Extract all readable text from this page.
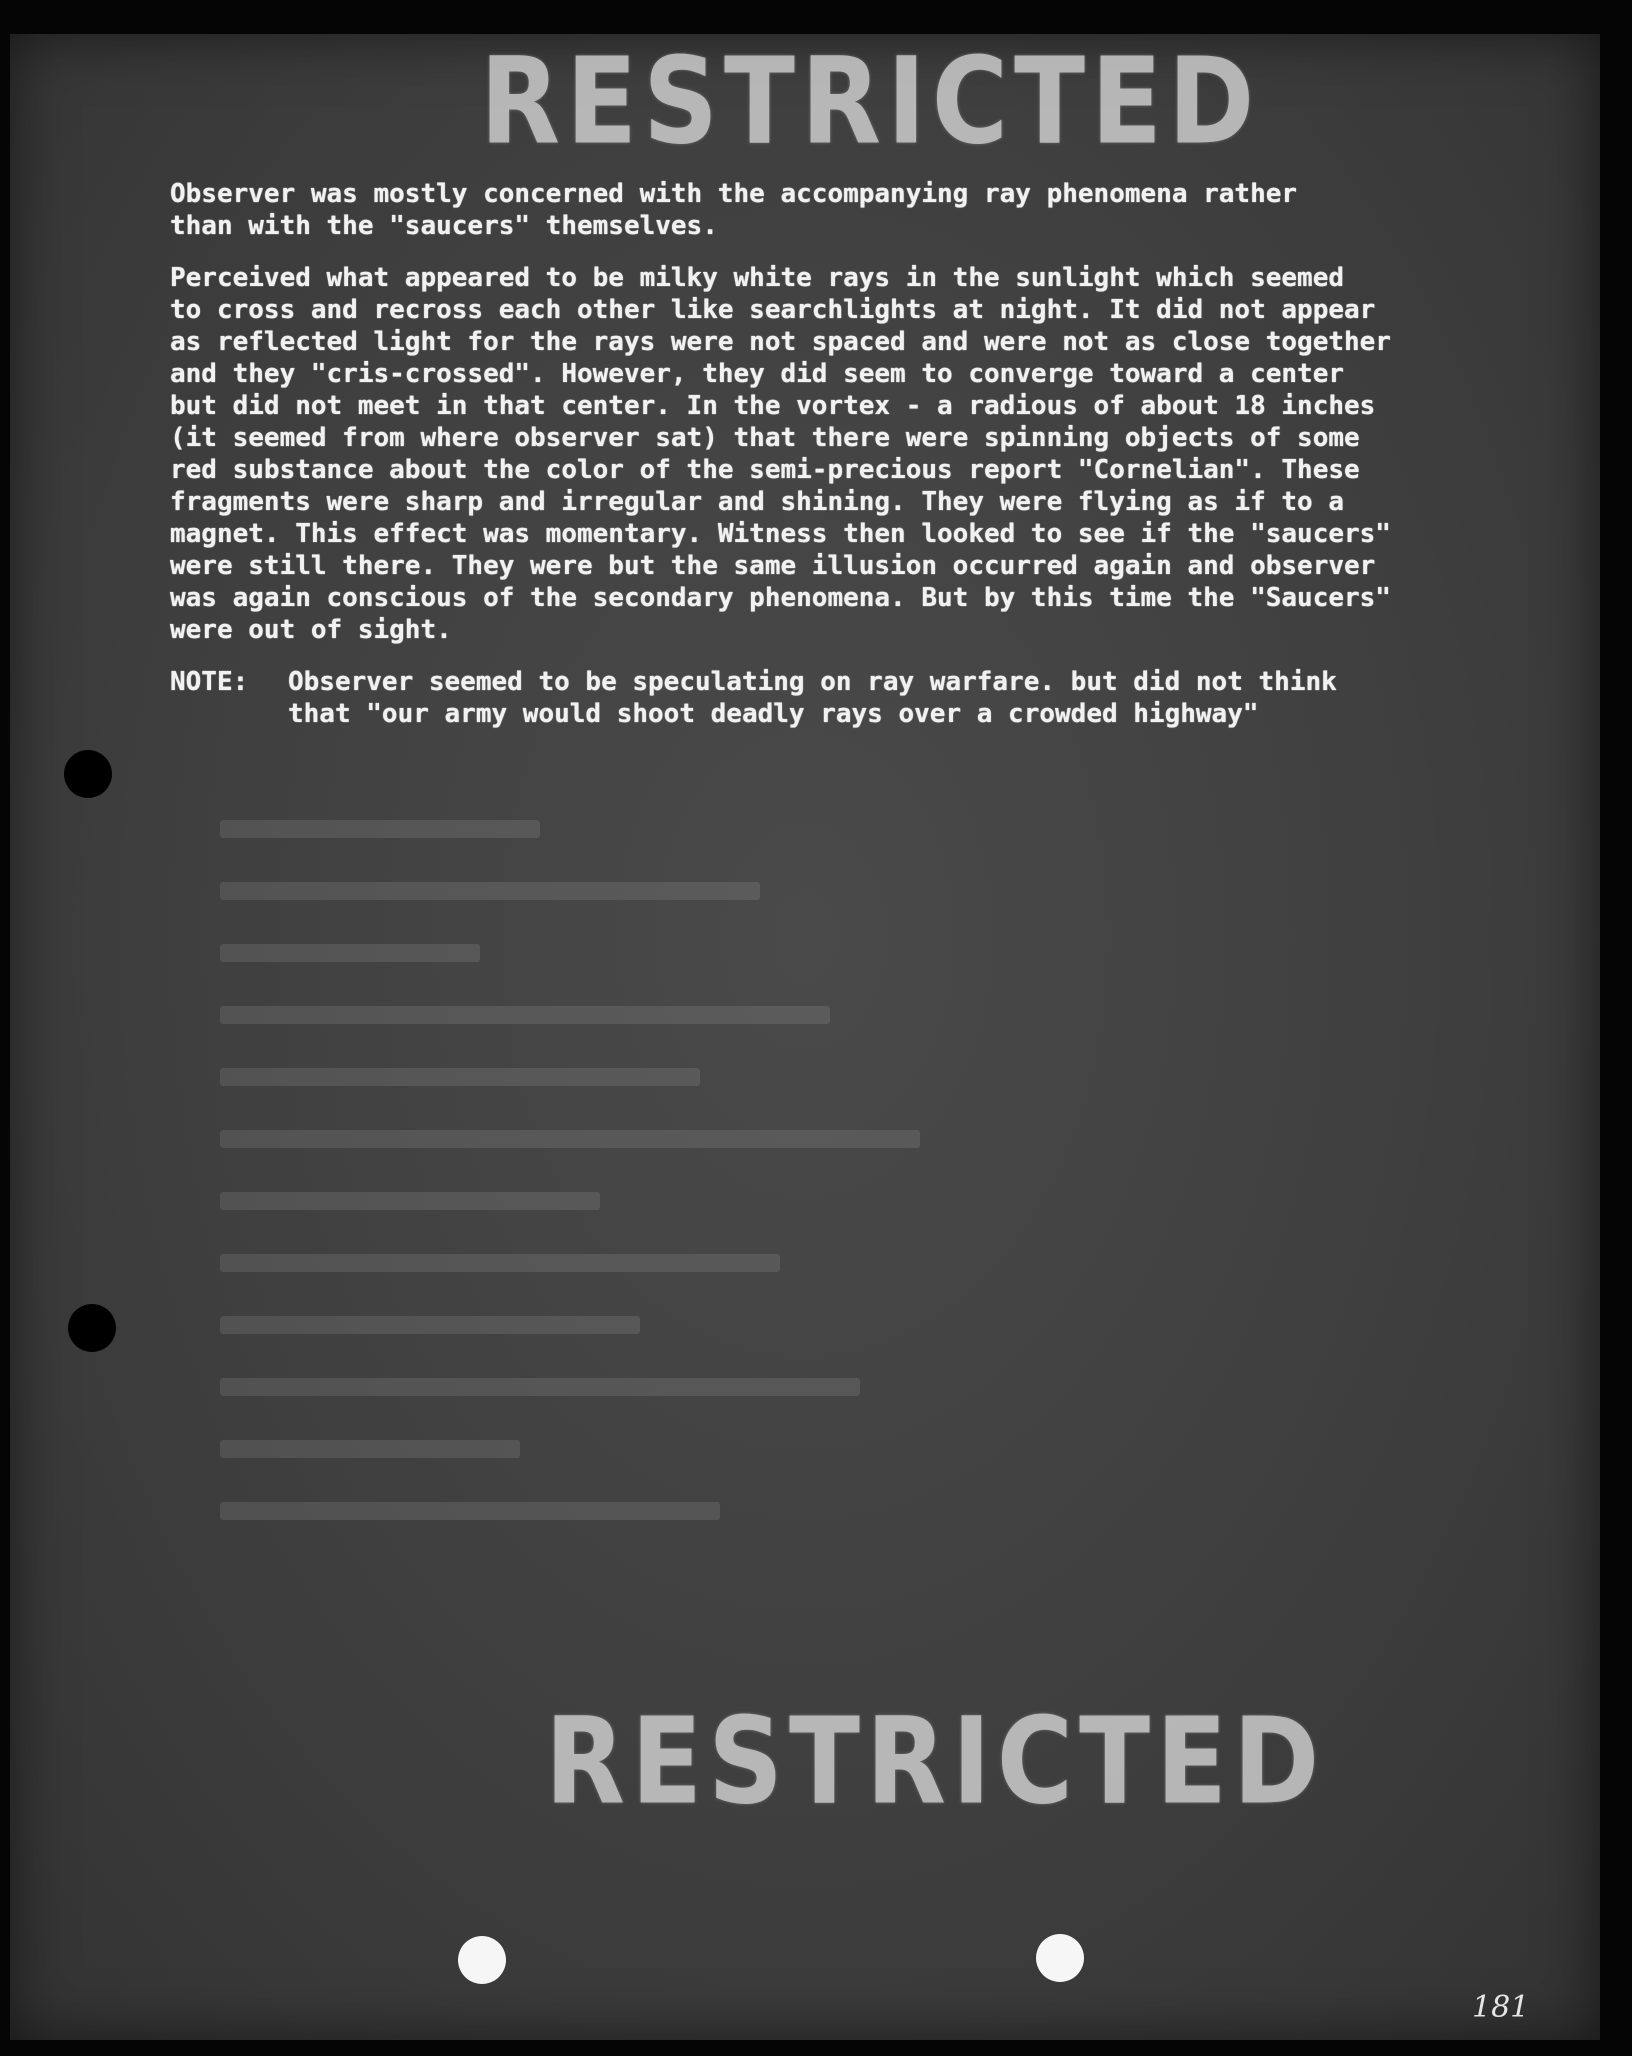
RESTRICTED

Observer was mostly concerned with the accompanying ray phenomena rather
than with the "saucers" themselves.

Perceived what appeared to be milky white rays in the sunlight which seemed
to cross and recross each other like searchlights at night. It did not appear
as reflected light for the rays were not spaced and were not as close together
and they "cris-crossed". However, they did seem to converge toward a center
but did not meet in that center. In the vortex - a radious of about 18 inches
(it seemed from where observer sat) that there were spinning objects of some
red substance about the color of the semi-precious report "Cornelian". These
fragments were sharp and irregular and shining. They were flying as if to a
magnet. This effect was momentary. Witness then looked to see if the "saucers"
were still there. They were but the same illusion occurred again and observer
was again conscious of the secondary phenomena. But by this time the "Saucers"
were out of sight.

NOTE:	Observer seemed to be speculating on ray warfare. but did not think
that "our army would shoot deadly rays over a crowded highway"
RESTRICTED
181
